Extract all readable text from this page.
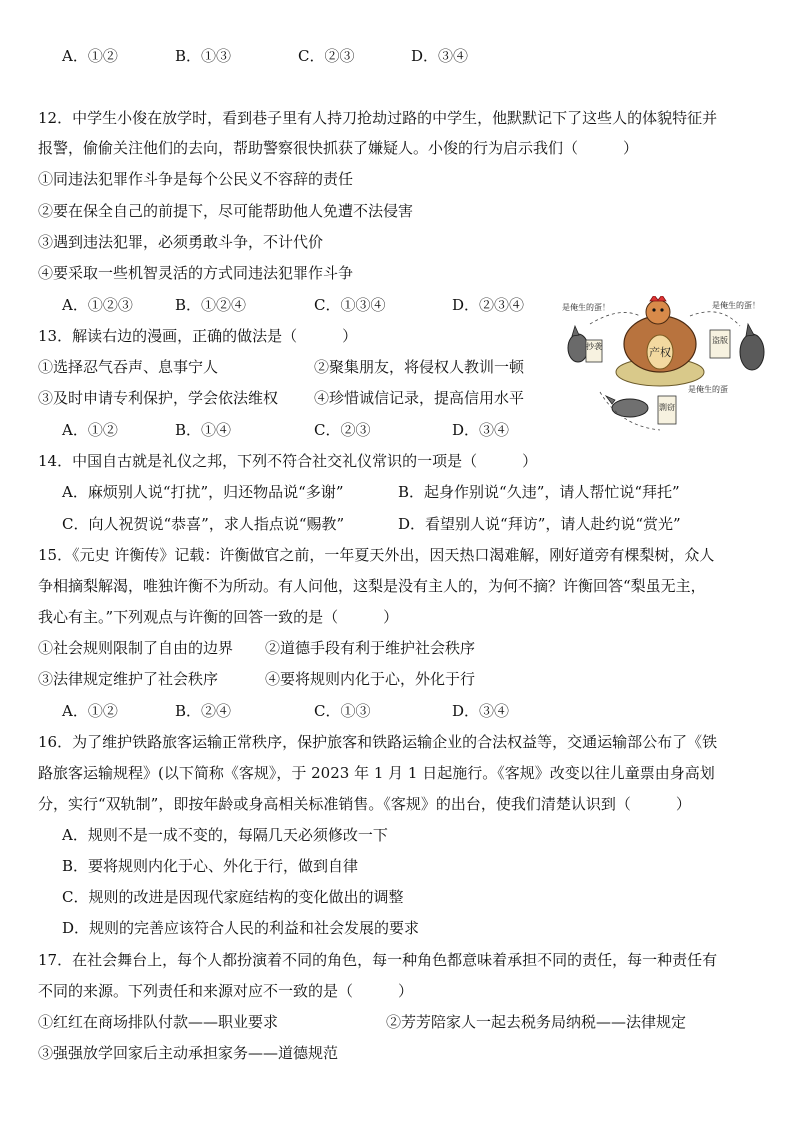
A．①②	B．①③	C．②③	D．③④
12．中学生小俊在放学时，看到巷子里有人持刀抢劫过路的中学生，他默默记下了这些人的体貌特征并
报警，偷偷关注他们的去向，帮助警察很快抓获了嫌疑人。小俊的行为启示我们（　　　）
①同违法犯罪作斗争是每个公民义不容辞的责任
②要在保全自己的前提下，尽可能帮助他人免遭不法侵害
③遇到违法犯罪，必须勇敢斗争，不计代价
④要采取一些机智灵活的方式同违法犯罪作斗争
A．①②③	B．①②④	C．①③④	D．②③④
13．解读右边的漫画，正确的做法是（　　　）
①选择忍气吞声、息事宁人	②聚集朋友，将侵权人教训一顿
③及时申请专利保护，学会依法维权 ④珍惜诚信记录，提高信用水平
A．①②	B．①④	C．②③	D．③④
产权
抄袭
盗版
剽窃
是俺生的蛋！	是俺生的蛋！
是俺生的蛋
14．中国自古就是礼仪之邦，下列不符合社交礼仪常识的一项是（　　　）
A．麻烦别人说“打扰”，归还物品说“多谢”	B．起身作别说“久违”，请人帮忙说“拜托”
C．向人祝贺说“恭喜”，求人指点说“赐教”	D．看望别人说“拜访”，请人赴约说“赏光”
15．《元史 许衡传》记载：许衡做官之前，一年夏天外出，因天热口渴难解，刚好道旁有棵梨树，众人
争相摘梨解渴，唯独许衡不为所动。有人问他，这梨是没有主人的，为何不摘？许衡回答“梨虽无主，
我心有主。”下列观点与许衡的回答一致的是（　　　）
①社会规则限制了自由的边界 ②道德手段有利于维护社会秩序
③法律规定维护了社会秩序	④要将规则内化于心，外化于行
A．①②	B．②④	C．①③	D．③④
16．为了维护铁路旅客运输正常秩序，保护旅客和铁路运输企业的合法权益等，交通运输部公布了《铁
路旅客运输规程》(以下简称《客规》，于 2023 年 1 月 1 日起施行。《客规》改变以往儿童票由身高划
分，实行“双轨制”，即按年龄或身高相关标准销售。《客规》的出台，使我们清楚认识到（　　　）
A．规则不是一成不变的，每隔几天必须修改一下
B．要将规则内化于心、外化于行，做到自律
C．规则的改进是因现代家庭结构的变化做出的调整
D．规则的完善应该符合人民的利益和社会发展的要求
17．在社会舞台上，每个人都扮演着不同的角色，每一种角色都意味着承担不同的责任，每一种责任有
不同的来源。下列责任和来源对应不一致的是（　　　）
①红红在商场排队付款——职业要求	②芳芳陪家人一起去税务局纳税——法律规定
③强强放学回家后主动承担家务——道德规范
